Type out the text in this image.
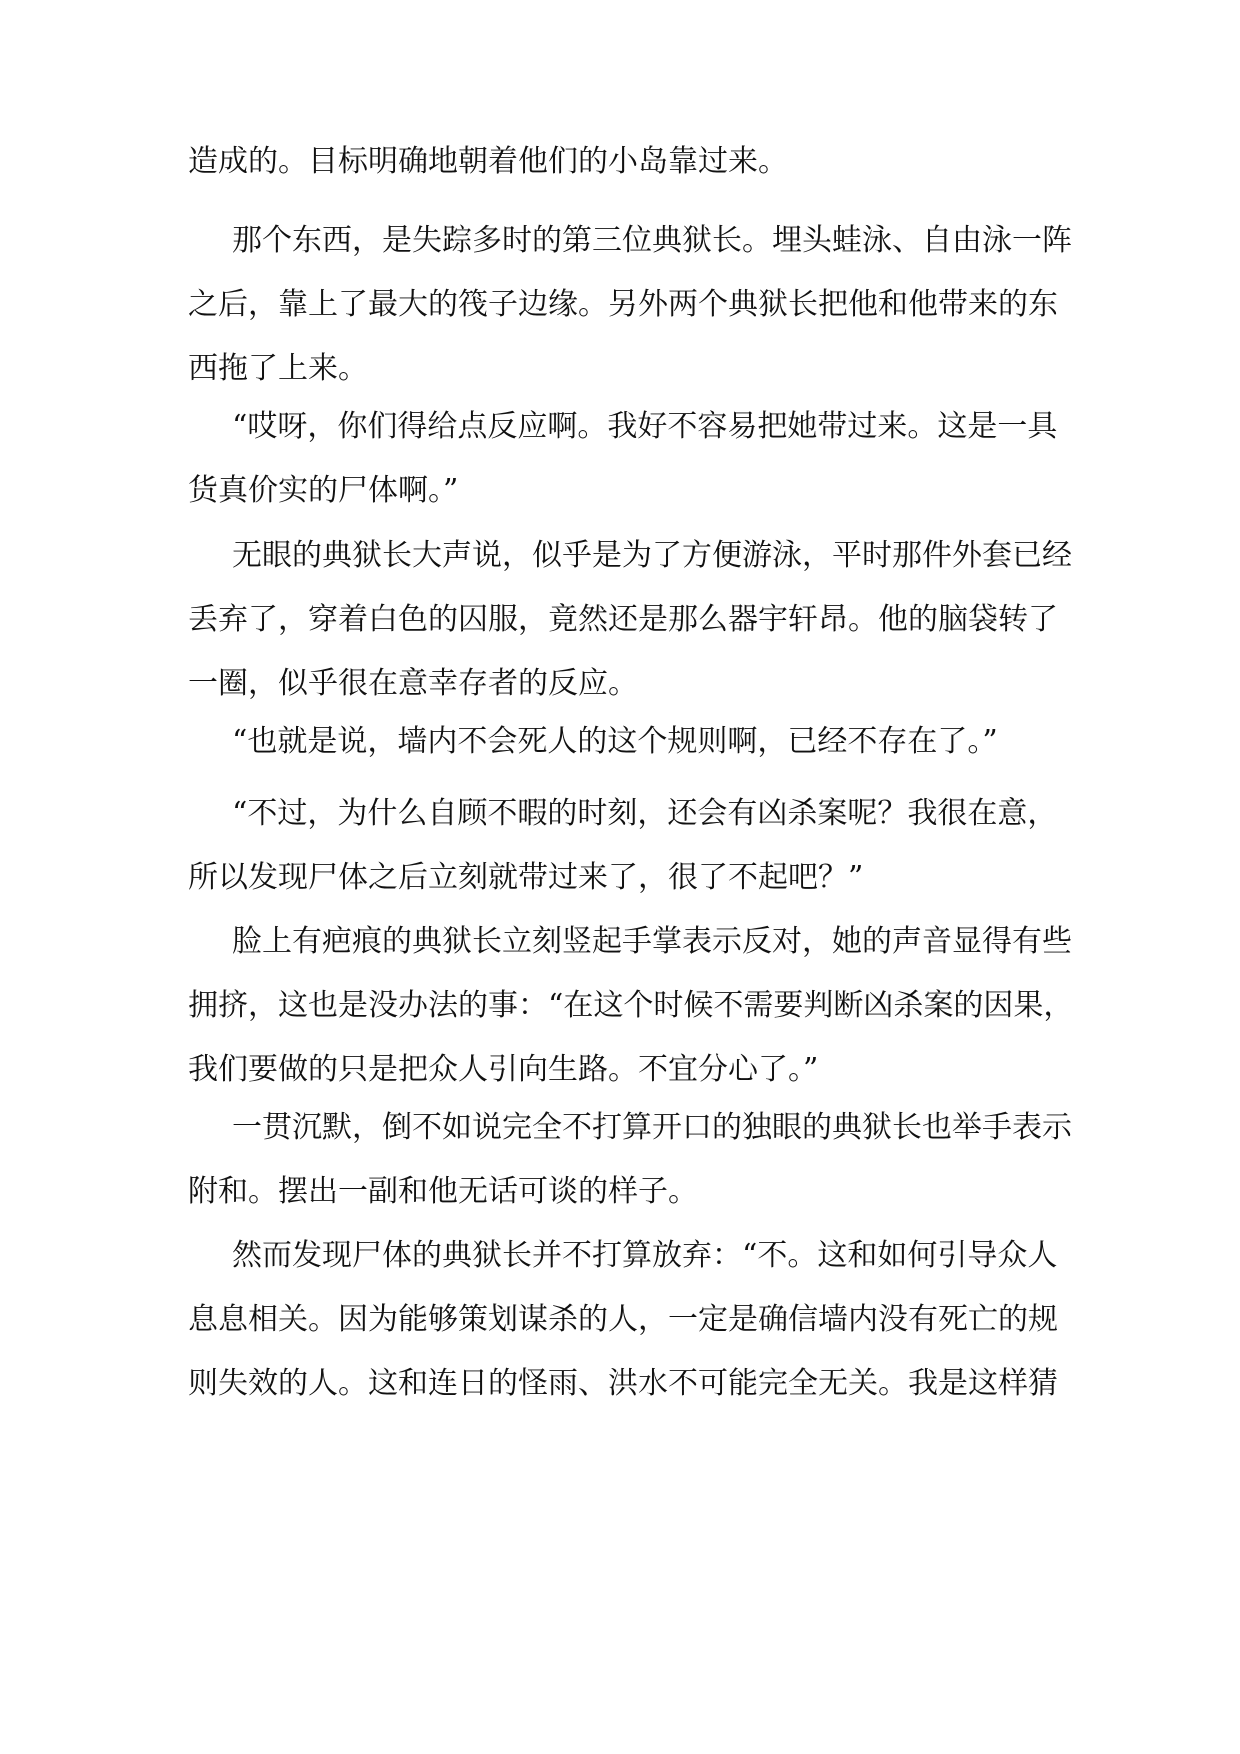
造成的。目标明确地朝着他们的小岛靠过来。
那个东西，是失踪多时的第三位典狱长。埋头蛙泳、自由泳一阵
之后，靠上了最大的筏子边缘。另外两个典狱长把他和他带来的东
西拖了上来。
“哎呀，你们得给点反应啊。我好不容易把她带过来。这是一具
货真价实的尸体啊。”
无眼的典狱长大声说，似乎是为了方便游泳，平时那件外套已经
丢弃了，穿着白色的囚服，竟然还是那么器宇轩昂。他的脑袋转了
一圈，似乎很在意幸存者的反应。
“也就是说，墙内不会死人的这个规则啊，已经不存在了。”
“不过，为什么自顾不暇的时刻，还会有凶杀案呢？我很在意，
所以发现尸体之后立刻就带过来了，很了不起吧？”
脸上有疤痕的典狱长立刻竖起手掌表示反对，她的声音显得有些
拥挤，这也是没办法的事：“在这个时候不需要判断凶杀案的因果，
我们要做的只是把众人引向生路。不宜分心了。”
一贯沉默，倒不如说完全不打算开口的独眼的典狱长也举手表示
附和。摆出一副和他无话可谈的样子。
然而发现尸体的典狱长并不打算放弃：“不。这和如何引导众人
息息相关。因为能够策划谋杀的人，一定是确信墙内没有死亡的规
则失效的人。这和连日的怪雨、洪水不可能完全无关。我是这样猜
